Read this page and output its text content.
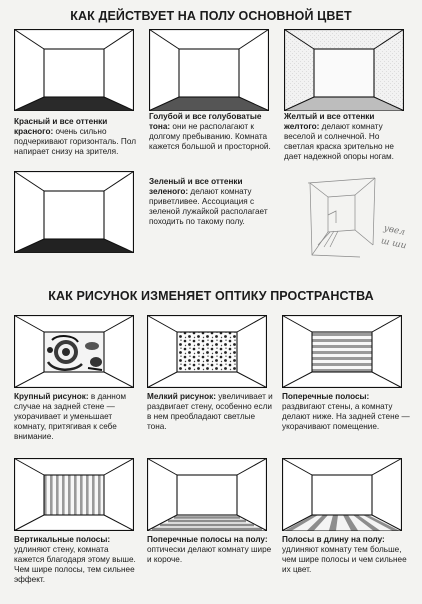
КАК ДЕЙСТВУЕТ НА ПОЛУ ОСНОВНОЙ ЦВЕТ
Красный и все оттенки красного: очень сильно подчеркивают горизонталь. Пол напирает снизу на зрителя.
Голубой и все голубоватые тона: они не располагают к долгому пребыванию. Комната кажется большой и просторной.
Желтый и все оттенки желтого: делают комнату веселой и солнечной. Но светлая краска зрительно не дает надежной опоры ногам.
Зеленый и все оттенки зеленого: делают комнату приветливее. Ассоциация с зеленой лужайкой располагает походить по такому полу.
увел
ш ши
КАК РИСУНОК ИЗМЕНЯЕТ ОПТИКУ ПРОСТРАНСТВА
Крупный рисунок: в данном случае на задней стене — укорачивает и уменьшает комнату, притягивая к себе внимание.
Мелкий рисунок: увеличивает и раздвигает стену, особенно если в нем преобладают светлые тона.
Поперечные полосы: раздвигают стены, а комнату делают ниже. На задней стене — укорачивают помещение.
Вертикальные полосы: удлиняют стену, комната кажется благодаря этому выше. Чем шире полосы, тем сильнее эффект.
Поперечные полосы на полу: оптически делают комнату шире и короче.
Полосы в длину на полу: удлиняют комнату тем больше, чем шире полосы и чем сильнее их цвет.
